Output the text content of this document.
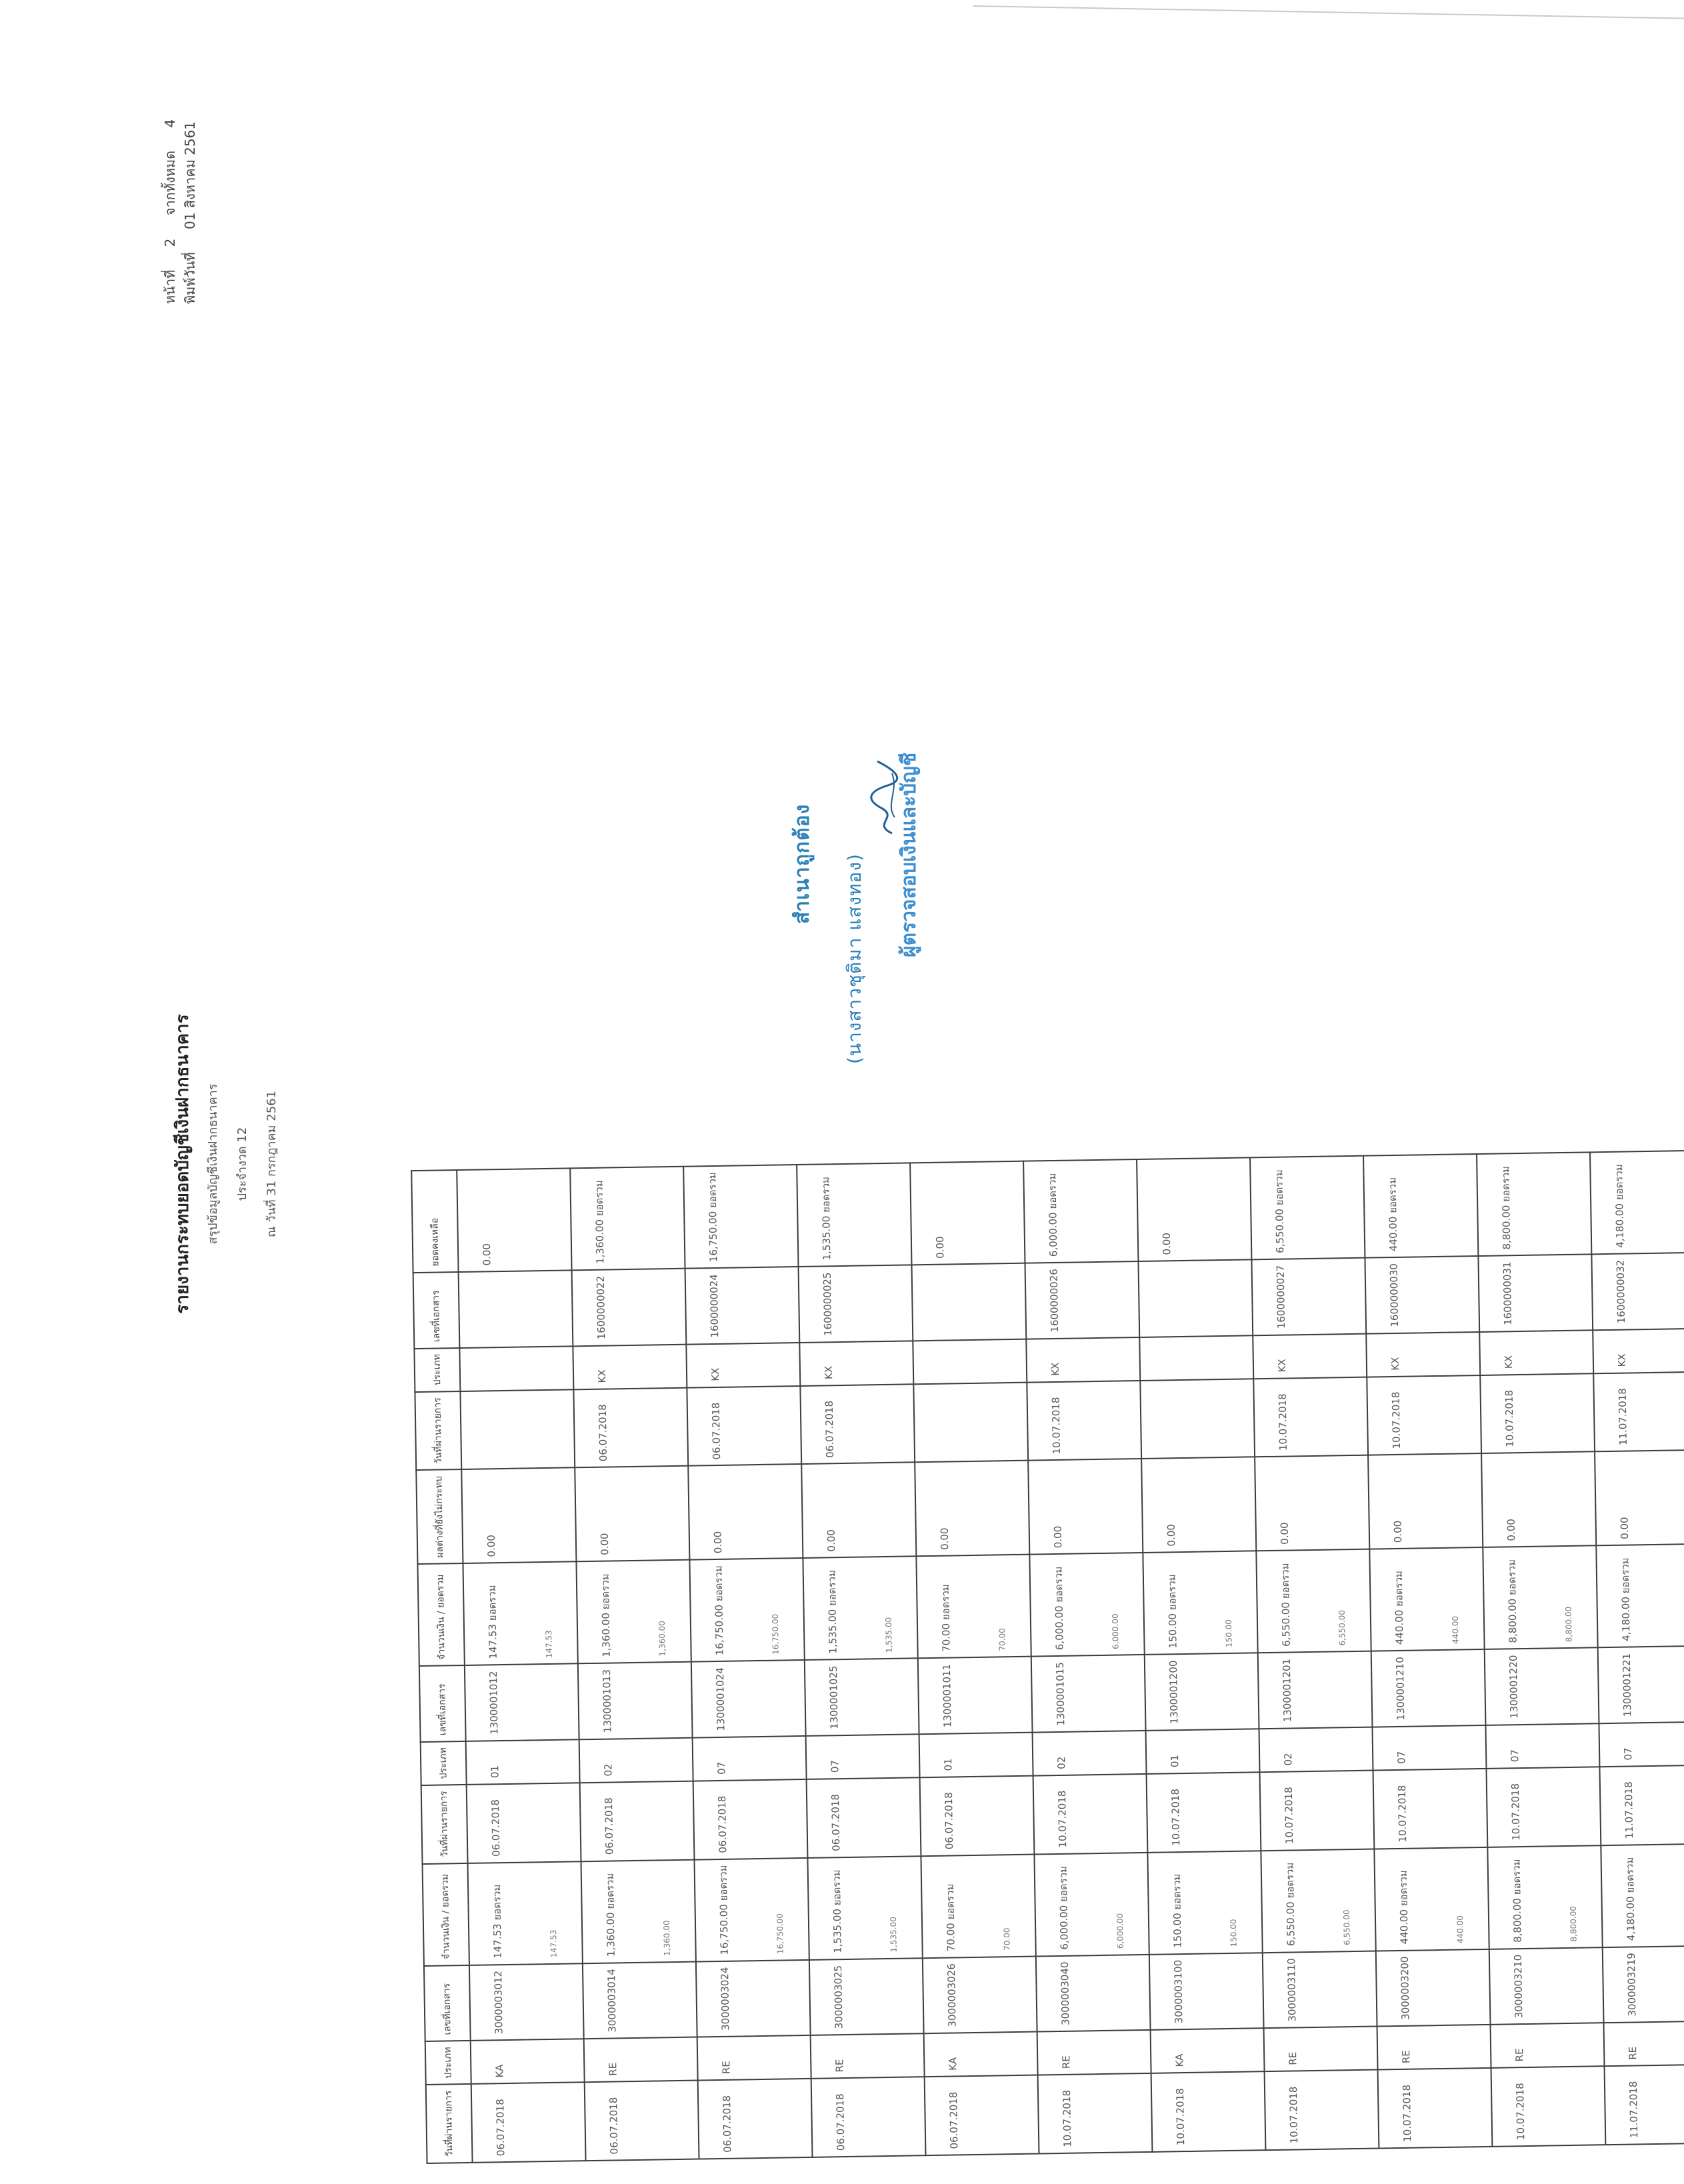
หน้าที่ 2 จากทั้งหมด 4
พิมพ์วันที่ 01 สิงหาคม 2561
รายงานกระทบยอดบัญชีเงินฝากธนาคาร	สรุปข้อมูลบัญชีเงินฝากธนาคาร	ประจำงวด 12	ณ วันที่ 31 กรกฎาคม 2561
วันที่ผ่านรายการ	ประเภท	เลขที่เอกสาร	จำนวนเงิน / ยอดรวม	วันที่ผ่านรายการ	ประเภท	เลขที่เอกสาร	จำนวนเงิน / ยอดรวม	ผลต่างที่ยังไม่กระทบ	วันที่ผ่านรายการ	ประเภท	เลขที่เอกสาร	ยอดคงเหลือ
06.07.2018	KA	3000003012	147.53 ยอดรวม	06.07.2018	01	1300001012	147.53 ยอดรวม	0.00				0.00
			147.53				147.53					
06.07.2018	RE	3000003014	1,360.00 ยอดรวม	06.07.2018	02	1300001013	1,360.00 ยอดรวม	0.00	06.07.2018	KX	1600000022	1,360.00 ยอดรวม
			1,360.00				1,360.00					
06.07.2018	RE	3000003024	16,750.00 ยอดรวม	06.07.2018	07	1300001024	16,750.00 ยอดรวม	0.00	06.07.2018	KX	1600000024	16,750.00 ยอดรวม
			16,750.00				16,750.00					
06.07.2018	RE	3000003025	1,535.00 ยอดรวม	06.07.2018	07	1300001025	1,535.00 ยอดรวม	0.00	06.07.2018	KX	1600000025	1,535.00 ยอดรวม
			1,535.00				1,535.00					
06.07.2018	KA	3000003026	70.00 ยอดรวม	06.07.2018	01	1300001011	70.00 ยอดรวม	0.00				0.00
			70.00				70.00					
10.07.2018	RE	3000003040	6,000.00 ยอดรวม	10.07.2018	02	1300001015	6,000.00 ยอดรวม	0.00	10.07.2018	KX	1600000026	6,000.00 ยอดรวม
			6,000.00				6,000.00					
10.07.2018	KA	3000003100	150.00 ยอดรวม	10.07.2018	01	1300001200	150.00 ยอดรวม	0.00				0.00
			150.00				150.00					
10.07.2018	RE	3000003110	6,550.00 ยอดรวม	10.07.2018	02	1300001201	6,550.00 ยอดรวม	0.00	10.07.2018	KX	1600000027	6,550.00 ยอดรวม
			6,550.00				6,550.00					
10.07.2018	RE	3000003200	440.00 ยอดรวม	10.07.2018	07	1300001210	440.00 ยอดรวม	0.00	10.07.2018	KX	1600000030	440.00 ยอดรวม
			440.00				440.00					
10.07.2018	RE	3000003210	8,800.00 ยอดรวม	10.07.2018	07	1300001220	8,800.00 ยอดรวม	0.00	10.07.2018	KX	1600000031	8,800.00 ยอดรวม
			8,800.00				8,800.00					
11.07.2018	RE	3000003219	4,180.00 ยอดรวม	11.07.2018	07	1300001221	4,180.00 ยอดรวม	0.00	11.07.2018	KX	1600000032	4,180.00 ยอดรวม

สำเนาถูกต้อง (นางสาวชุติมา แสงทอง) ผู้ตรวจสอบเงินและบัญชี
